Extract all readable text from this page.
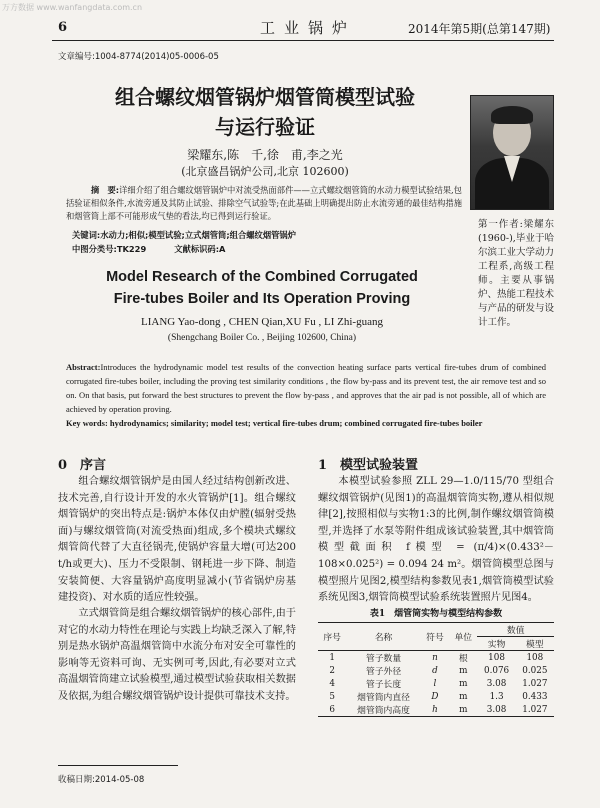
万方数据 www.wanfangdata.com.cn
6	工业锅炉	2014年第5期(总第147期)
文章编号:1004-8774(2014)05-0006-05
组合螺纹烟管锅炉烟管筒模型试验
与运行验证
梁耀东,陈　千,徐　甫,李之光
(北京盛昌锅炉公司,北京 102600)
第一作者:梁耀东(1960-),毕业于哈尔滨工业大学动力工程系,高级工程师。主要从事锅炉、热能工程技术与产品的研发与设计工作。
摘　要:详细介绍了组合螺纹烟管锅炉中对流受热面部件——立式螺纹烟管筒的水动力模型试验结果,包括验证相似条件,水流旁通及其防止试验、排除空气试验等;在此基础上明确提出防止水流旁通的最佳结构措施和烟管筒上部不可能形成气垫的看法,均已得到运行验证。
关键词:水动力;相似;模型试验;立式烟管筒;组合螺纹烟管锅炉
中图分类号:TK229	文献标识码:A
Model Research of the Combined Corrugated
Fire-tubes Boiler and Its Operation Proving
LIANG Yao-dong , CHEN Qian,XU Fu , LI Zhi-guang
(Shengchang Boiler Co. , Beijing 102600, China)
Abstract:Introduces the hydrodynamic model test results of the convection heating surface parts vertical fire-tubes drum of combined corrugated fire-tubes boiler, including the proving test similarity conditions , the flow by-pass and its prevent test, the air remove test and so on. On that basis, put forward the best structures to prevent the flow by-pass , and approves that the air pad is not possible, all of which are achieved by operation proving.
Key words: hydrodynamics; similarity; model test; vertical fire-tubes drum; combined corrugated fire-tubes boiler
0　序言
组合螺纹烟管锅炉是由国人经过结构创新改进、技术完善,自行设计开发的水火管锅炉[1]。组合螺纹烟管锅炉的突出特点是:锅炉本体仅由炉膛(辐射受热面)与螺纹烟管筒(对流受热面)组成,多个模块式螺纹烟管筒代替了大直径锅壳,使锅炉容量大增(可达200 t/h或更大)、压力不受限制、钢耗进一步下降、制造安装简便、大容量锅炉高度明显减小(节省锅炉房基建投资)、对水质的适应性较强。
立式烟管筒是组合螺纹烟管锅炉的核心部件,由于对它的水动力特性在理论与实践上均缺乏深入了解,特别是热水锅炉高温烟管筒中水流分布对安全可靠性的影响等无资料可询、无实例可考,因此,有必要对立式高温烟管筒建立试验模型,通过模型试验获取相关数据及依据,为组合螺纹烟管锅炉设计提供可靠技术支持。
1　模型试验装置
本模型试验参照 ZLL 29—1.0/115/70 型组合螺纹烟管锅炉(见图1)的高温烟管筒实物,遵从相似规律[2],按照相似与实物1:3的比例,制作螺纹烟管筒模型,并选择了水泵等附件组成该试验装置,其中烟管筒模型截面积 f模型 = (π/4)×(0.433²－108×0.025²) = 0.094 24 m²。烟管筒模型总图与模型照片见图2,模型结构参数见表1,烟管筒模型试验系统见图3,烟管筒模型试验系统装置照片见图4。
表1　烟管筒实物与模型结构参数
序号	名称	符号	单位	数值	
				实物	模型
1	管子数量	n	根	108	108
2	管子外径	d	m	0.076	0.025
4	管子长度	l	m	3.08	1.027
5	烟管筒内直径	D	m	1.3	0.433
6	烟管筒内高度	h	m	3.08	1.027
收稿日期:2014-05-08
